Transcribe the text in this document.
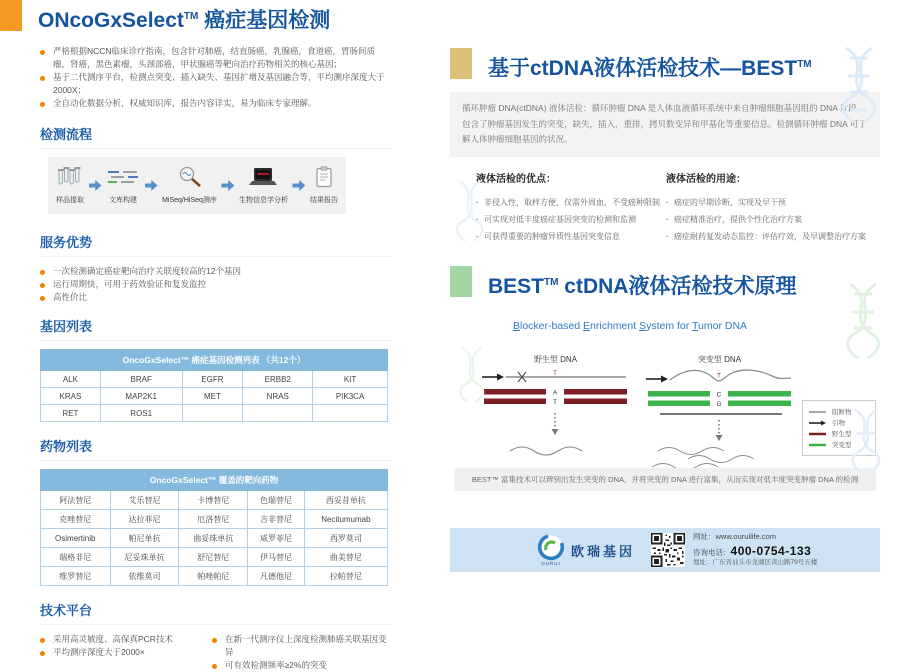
ONcoGxSelect™ 癌症基因检测
严格根据NCCN临床诊疗指南，包含针对肺癌，结直肠癌，乳腺癌，食道癌，胃肠间质瘤，肾癌，黑色素瘤，头颈部癌，甲状腺癌等靶向治疗药物相关的核心基因；
基于二代测序平台，检测点突变、插入缺失、基因扩增及基因融合等，平均测序深度大于2000X；
全自动化数据分析，权威知识库，报告内容详实，易为临床专家理解。
检测流程
样品提取	文库构建	MiSeq/HiSeq测序	生物信息学分析	结果报告
服务优势
一次检测确定癌症靶向治疗关联度较高的12个基因
运行周期快，可用于药效验证和复发监控
高性价比
基因列表
OncoGxSelect™ 癌症基因检测列表 （共12个）				
ALK	BRAF	EGFR	ERBB2	KIT
KRAS	MAP2K1	MET	NRAS	PIK3CA
RET	ROS1			
药物列表
OncoGxSelect™ 覆盖的靶向药物				
阿法替尼	艾乐替尼	卡博替尼	色瑞替尼	西妥昔单抗
克唑替尼	达拉菲尼	厄洛替尼	吉非替尼	Necitumumab
Osimertinib	帕尼单抗	曲妥珠单抗	威罗菲尼	西罗莫司
瑞格非尼	尼妥珠单抗	舒尼替尼	伊马替尼	曲美替尼
维罗替尼	依维莫司	帕唑帕尼	凡德他尼	拉帕替尼
技术平台
采用高灵敏度、高保真PCR技术
平均测序深度大于2000×
在新一代测序仪上深度检测肺癌关联基因变异
可有效检测频率≥2%的突变
基于ctDNA液体活检技术—BEST™
循环肿瘤 DNA(ctDNA) 液体活检：循环肿瘤 DNA 是人体血液循环系统中来自肿瘤细胞基因组的 DNA 片段，包含了肿瘤基因发生的突变，缺失，插入，重排，拷贝数变异和甲基化等重要信息。检测循环肿瘤 DNA 可了解人体肿瘤细胞基因的状况。
液体活检的优点：
· 非侵入性，取样方便，仅需外周血，不受癌种限制
· 可实现对低丰度癌症基因突变的检测和监测
· 可获得重要的肿瘤异质性基因突变信息
液体活检的用途：
· 癌症的早期诊断，实现及早干预
· 癌症精准治疗，提供个性化治疗方案
· 癌症耐药复发动态监控：评估疗效，及早调整治疗方案
BEST™ ctDNA液体活检技术原理
Blocker-based Enrichment System for Tumor DNA
野生型 DNA
T
A
T
突变型 DNA
T
C
G
阻断物
引物
野生型
突变型
BEST™ 富集技术可以辨别出发生突变的 DNA，并将突变的 DNA 进行富集，从而实现对低丰度突变肿瘤 DNA 的检测
OURUI
欧瑞基因
网址：www.ouruilife.com
咨询电话：400-0754-133
地址：广东省汕头市龙湖区黄山路79号五楼
